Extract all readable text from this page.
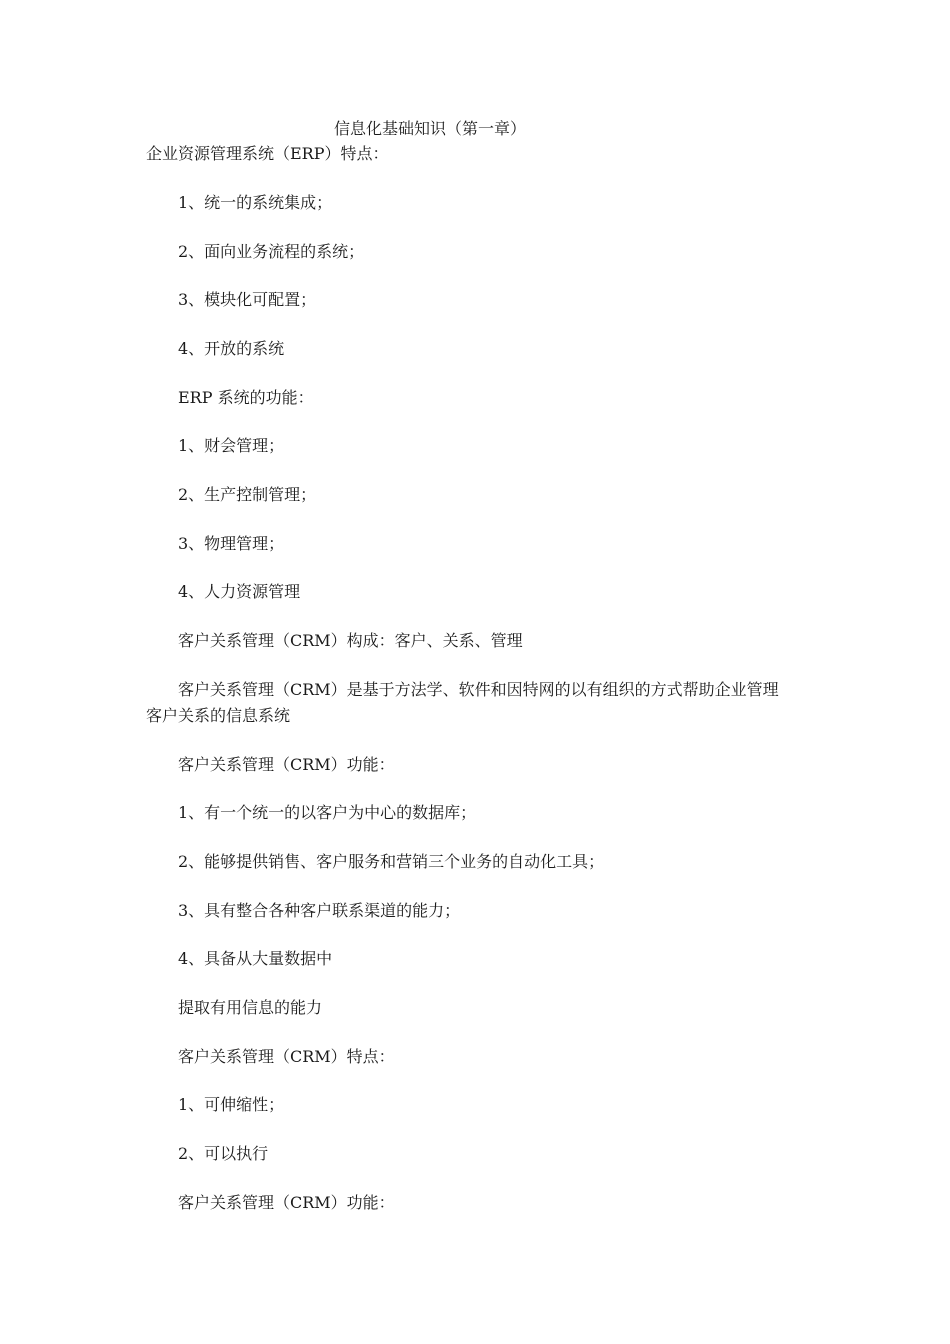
信息化基础知识（第一章）
企业资源管理系统（ERP）特点：
1、统一的系统集成；
2、面向业务流程的系统；
3、模块化可配置；
4、开放的系统
ERP 系统的功能：
1、财会管理；
2、生产控制管理；
3、物理管理；
4、人力资源管理
客户关系管理（CRM）构成：客户、关系、管理
客户关系管理（CRM）是基于方法学、软件和因特网的以有组织的方式帮助企业管理
客户关系的信息系统
客户关系管理（CRM）功能：
1、有一个统一的以客户为中心的数据库；
2、能够提供销售、客户服务和营销三个业务的自动化工具；
3、具有整合各种客户联系渠道的能力；
4、具备从大量数据中
提取有用信息的能力
客户关系管理（CRM）特点：
1、可伸缩性；
2、可以执行
客户关系管理（CRM）功能：
